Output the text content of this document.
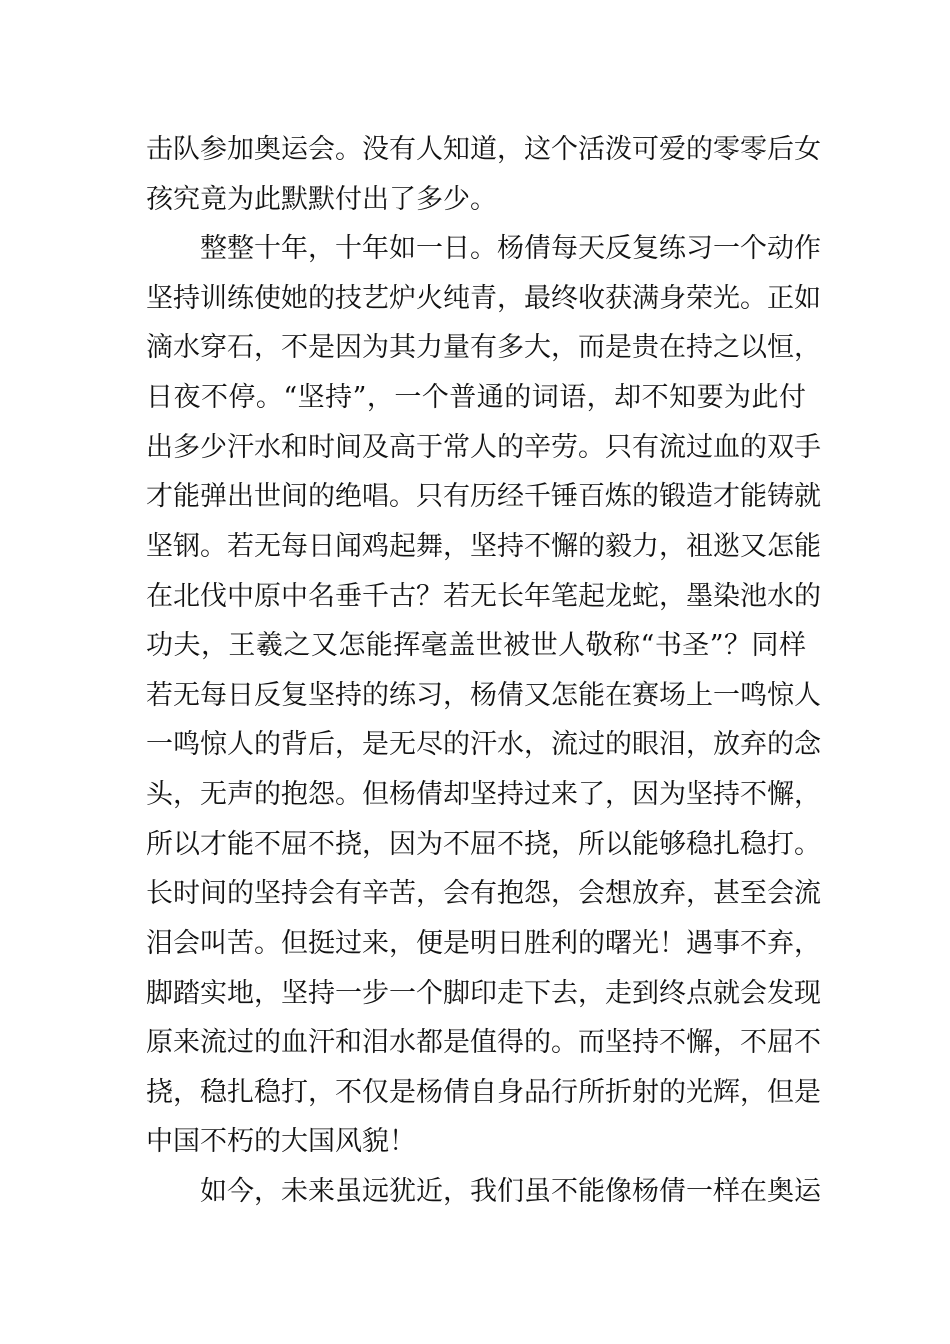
击队参加奥运会。没有人知道，这个活泼可爱的零零后女
孩究竟为此默默付出了多少。
整整十年，十年如一日。杨倩每天反复练习一个动作
坚持训练使她的技艺炉火纯青，最终收获满身荣光。正如
滴水穿石，不是因为其力量有多大，而是贵在持之以恒，
日夜不停。“坚持”，一个普通的词语，却不知要为此付
出多少汗水和时间及高于常人的辛劳。只有流过血的双手
才能弹出世间的绝唱。只有历经千锤百炼的锻造才能铸就
坚钢。若无每日闻鸡起舞，坚持不懈的毅力，祖逖又怎能
在北伐中原中名垂千古？若无长年笔起龙蛇，墨染池水的
功夫，王羲之又怎能挥毫盖世被世人敬称“书圣”？同样
若无每日反复坚持的练习，杨倩又怎能在赛场上一鸣惊人
一鸣惊人的背后，是无尽的汗水，流过的眼泪，放弃的念
头，无声的抱怨。但杨倩却坚持过来了，因为坚持不懈，
所以才能不屈不挠，因为不屈不挠，所以能够稳扎稳打。
长时间的坚持会有辛苦，会有抱怨，会想放弃，甚至会流
泪会叫苦。但挺过来，便是明日胜利的曙光！遇事不弃，
脚踏实地，坚持一步一个脚印走下去，走到终点就会发现
原来流过的血汗和泪水都是值得的。而坚持不懈，不屈不
挠，稳扎稳打，不仅是杨倩自身品行所折射的光辉，但是
中国不朽的大国风貌！
如今，未来虽远犹近，我们虽不能像杨倩一样在奥运
